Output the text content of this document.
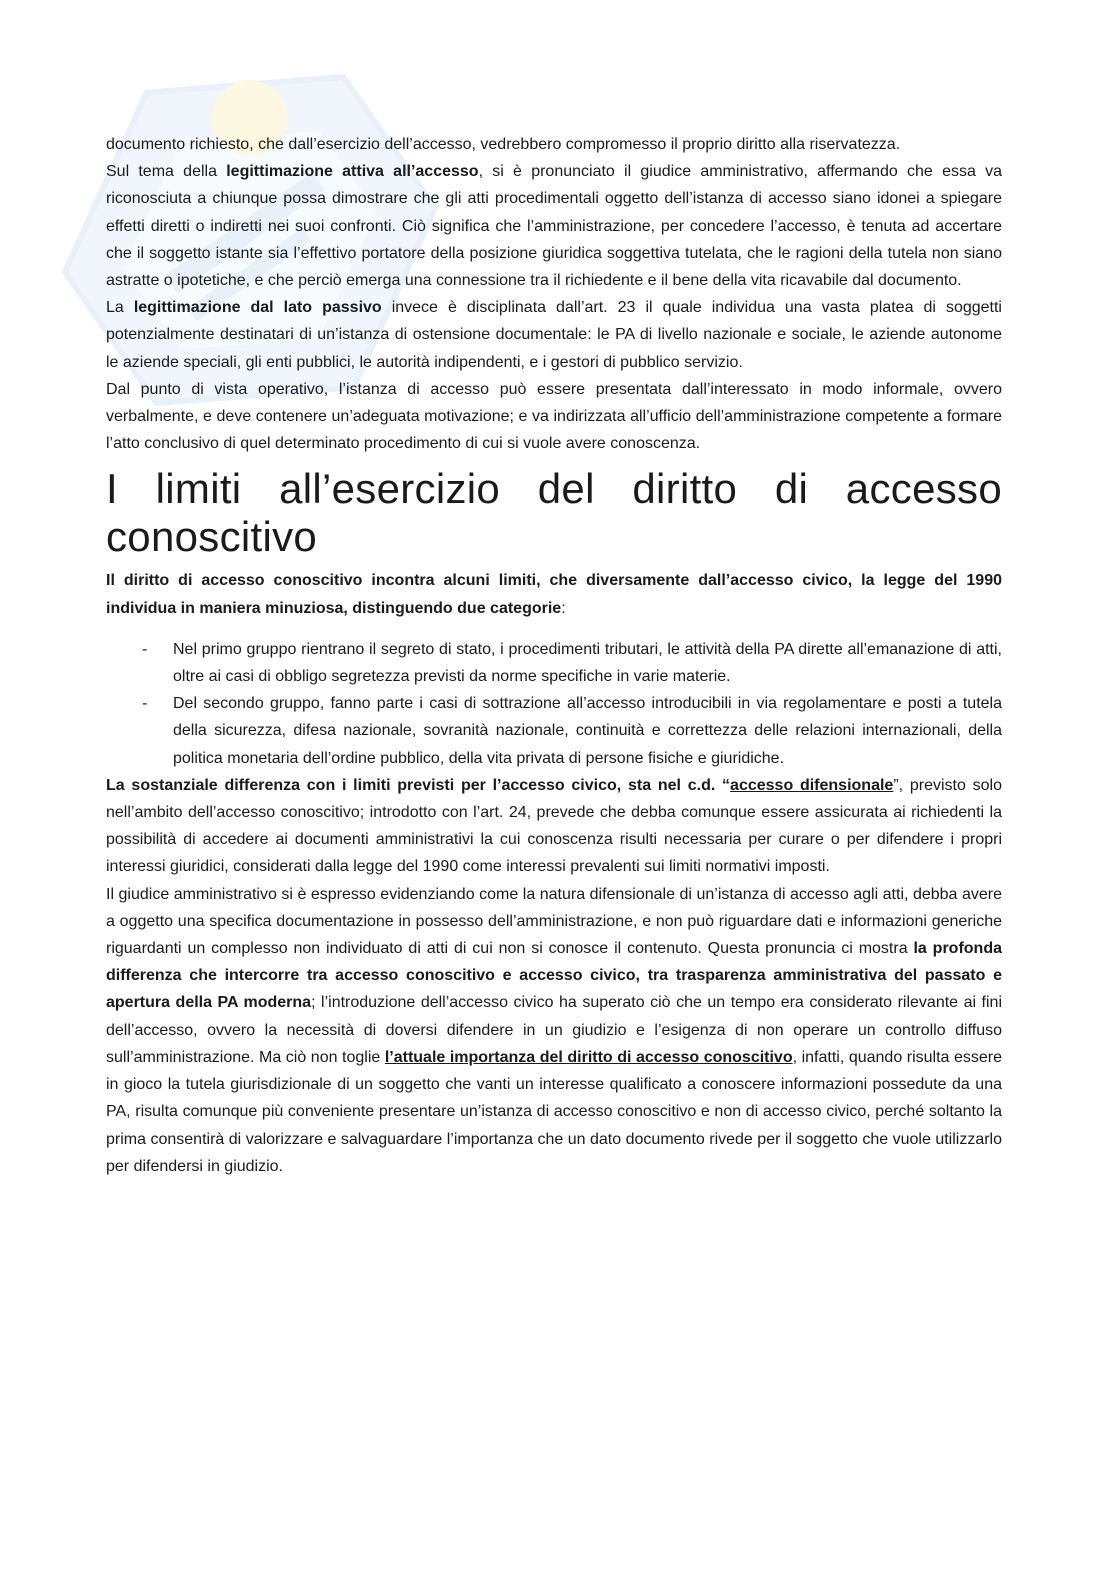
documento richiesto, che dall’esercizio dell’accesso, vedrebbero compromesso il proprio diritto alla riservatezza.

Sul tema della legittimazione attiva all’accesso, si è pronunciato il giudice amministrativo, affermando che essa va riconosciuta a chiunque possa dimostrare che gli atti procedimentali oggetto dell’istanza di accesso siano idonei a spiegare effetti diretti o indiretti nei suoi confronti. Ciò significa che l’amministrazione, per concedere l’accesso, è tenuta ad accertare che il soggetto istante sia l’effettivo portatore della posizione giuridica soggettiva tutelata, che le ragioni della tutela non siano astratte o ipotetiche, e che perciò emerga una connessione tra il richiedente e il bene della vita ricavabile dal documento.

La legittimazione dal lato passivo invece è disciplinata dall’art. 23 il quale individua una vasta platea di soggetti potenzialmente destinatari di un’istanza di ostensione documentale: le PA di livello nazionale e sociale, le aziende autonome le aziende speciali, gli enti pubblici, le autorità indipendenti, e i gestori di pubblico servizio.

Dal punto di vista operativo, l’istanza di accesso può essere presentata dall’interessato in modo informale, ovvero verbalmente, e deve contenere un’adeguata motivazione; e va indirizzata all’ufficio dell’amministrazione competente a formare l’atto conclusivo di quel determinato procedimento di cui si vuole avere conoscenza.

I limiti all’esercizio del diritto di accesso conoscitivo

Il diritto di accesso conoscitivo incontra alcuni limiti, che diversamente dall’accesso civico, la legge del 1990 individua in maniera minuziosa, distinguendo due categorie:

- Nel primo gruppo rientrano il segreto di stato, i procedimenti tributari, le attività della PA dirette all’emanazione di atti, oltre ai casi di obbligo segretezza previsti da norme specifiche in varie materie.
- Del secondo gruppo, fanno parte i casi di sottrazione all’accesso introducibili in via regolamentare e posti a tutela della sicurezza, difesa nazionale, sovranità nazionale, continuità e correttezza delle relazioni internazionali, della politica monetaria dell’ordine pubblico, della vita privata di persone fisiche e giuridiche.

La sostanziale differenza con i limiti previsti per l’accesso civico, sta nel c.d. “accesso difensionale”, previsto solo nell’ambito dell’accesso conoscitivo; introdotto con l’art. 24, prevede che debba comunque essere assicurata ai richiedenti la possibilità di accedere ai documenti amministrativi la cui conoscenza risulti necessaria per curare o per difendere i propri interessi giuridici, considerati dalla legge del 1990 come interessi prevalenti sui limiti normativi imposti.

Il giudice amministrativo si è espresso evidenziando come la natura difensionale di un’istanza di accesso agli atti, debba avere a oggetto una specifica documentazione in possesso dell’amministrazione, e non può riguardare dati e informazioni generiche riguardanti un complesso non individuato di atti di cui non si conosce il contenuto. Questa pronuncia ci mostra la profonda differenza che intercorre tra accesso conoscitivo e accesso civico, tra trasparenza amministrativa del passato e apertura della PA moderna; l’introduzione dell’accesso civico ha superato ciò che un tempo era considerato rilevante ai fini dell’accesso, ovvero la necessità di doversi difendere in un giudizio e l’esigenza di non operare un controllo diffuso sull’amministrazione. Ma ciò non toglie l’attuale importanza del diritto di accesso conoscitivo, infatti, quando risulta essere in gioco la tutela giurisdizionale di un soggetto che vanti un interesse qualificato a conoscere informazioni possedute da una PA, risulta comunque più conveniente presentare un’istanza di accesso conoscitivo e non di accesso civico, perché soltanto la prima consentirà di valorizzare e salvaguardare l’importanza che un dato documento rivede per il soggetto che vuole utilizzarlo per difendersi in giudizio.
